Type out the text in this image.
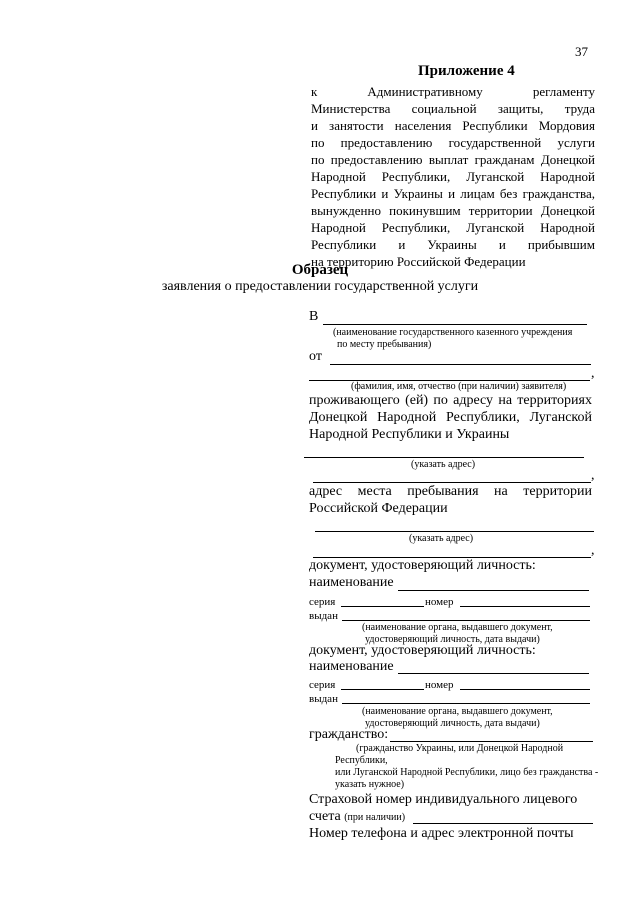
37
Приложение 4
к Административному регламенту
Министерства социальной защиты, труда
и занятости населения Республики Мордовия
по предоставлению государственной услуги
по предоставлению выплат гражданам Донецкой
Народной Республики, Луганской Народной
Республики и Украины и лицам без гражданства,
вынужденно покинувшим территории Донецкой
Народной Республики, Луганской Народной
Республики и Украины и прибывшим
на территорию Российской Федерации
Образец
заявления о предоставлении государственной услуги
В
(наименование государственного казенного учреждения
по месту пребывания)
от
,
(фамилия, имя, отчество (при наличии) заявителя)
проживающего (ей) по адресу на территориях
Донецкой Народной Республики, Луганской
Народной Республики и Украины
(указать адрес)
,
адрес места пребывания на территории
Российской Федерации
(указать адрес)
,
документ, удостоверяющий личность:
наименование
серия	номер
выдан
(наименование органа, выдавшего документ,
удостоверяющий личность, дата выдачи)
документ, удостоверяющий личность:
наименование
серия	номер
выдан
(наименование органа, выдавшего документ,
удостоверяющий личность, дата выдачи)
гражданство:
(гражданство Украины, или Донецкой Народной
Республики,
или Луганской Народной Республики, лицо без гражданства -
указать нужное)
Страховой номер индивидуального лицевого
счета (при наличии)
Номер телефона и адрес электронной почты
